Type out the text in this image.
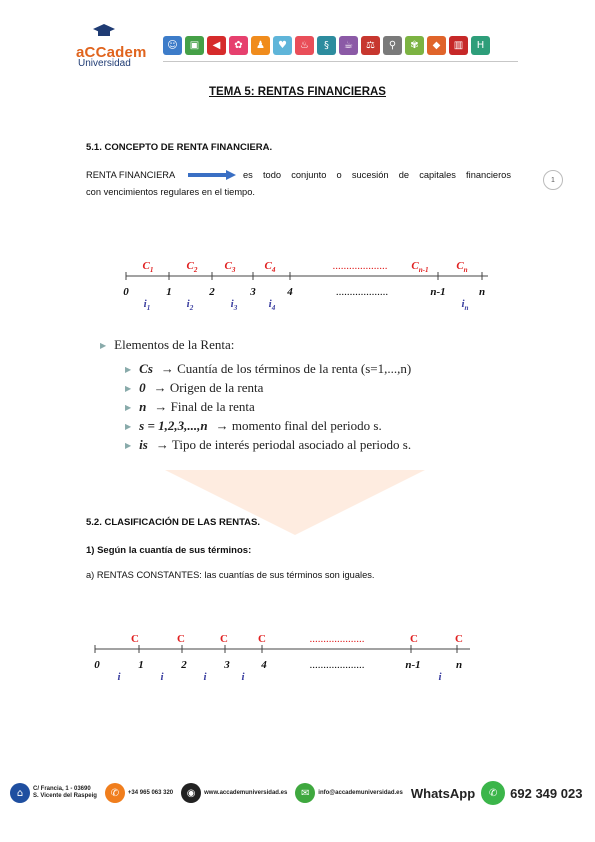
aCCadem
Universidad
☺	▣	◀	✿	♟	♥	♨	§	☕	⚖	⚲	✾	◆	▥	H
TEMA 5: RENTAS FINANCIERAS
5.1. CONCEPTO DE RENTA FINANCIERA.
RENTA FINANCIERA	es todo conjunto o sucesión de capitales financieros
con vencimientos regulares en el tiempo.
1
0	1	2	3	4	n-1	n
...................
$C_1$	$C_2$ $C_3$	$C_4$	$C_{n-1}$	$C_n$
....................
$i_1$	$i_2$	$i_3$	$i_4$	$i_n$
▶ Elementos de la Renta:
▶ Cs → Cuantía de los términos de la renta (s=1,...,n)
▶ 0 → Origen de la renta
▶ n → Final de la renta
▶ s = 1,2,3,...,n → momento final del periodo s.
▶ is → Tipo de interés periodal asociado al periodo s.
5.2. CLASIFICACIÓN DE LAS RENTAS.
1) Según la cuantía de sus términos:
a) RENTAS CONSTANTES: las cuantías de sus términos son iguales.
0	1	2	3	4	n-1	n
....................
C	C	C	C	C	C
....................
i	i	i	i	i
⌂	C/ Francia, 1 - 03690
S. Vicente del Raspeig	✆	+34 965 063 320	◉	www.accademuniversidad.es	✉	info@accademuniversidad.es WhatsApp	✆ 692 349 023
